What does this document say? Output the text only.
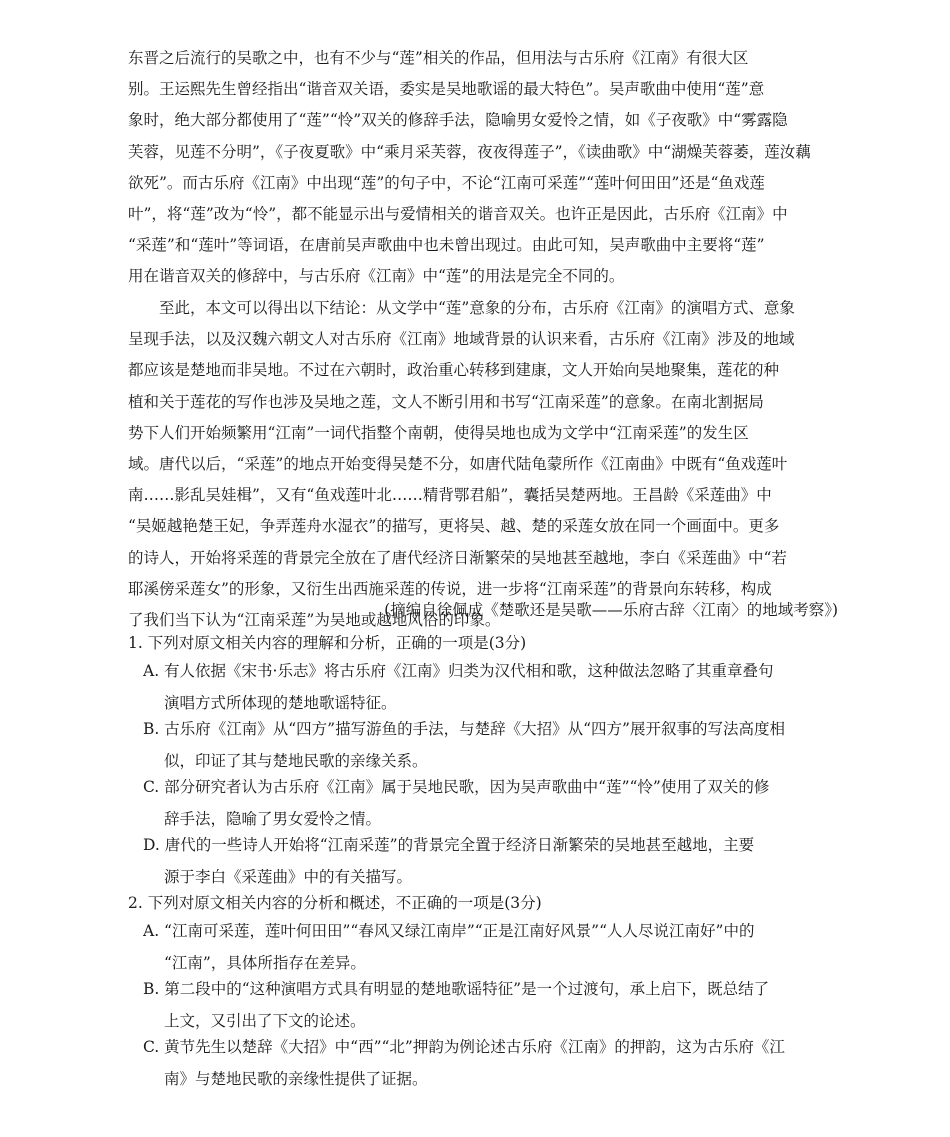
东晋之后流行的吴歌之中，也有不少与“莲”相关的作品，但用法与古乐府《江南》有很大区
别。王运熙先生曾经指出“谐音双关语，委实是吴地歌谣的最大特色”。吴声歌曲中使用“莲”意
象时，绝大部分都使用了“莲”“怜”双关的修辞手法，隐喻男女爱怜之情，如《子夜歌》中“雾露隐
芙蓉，见莲不分明”，《子夜夏歌》中“乘月采芙蓉，夜夜得莲子”，《读曲歌》中“湖燥芙蓉萎，莲汝藕
欲死”。而古乐府《江南》中出现“莲”的句子中，不论“江南可采莲”“莲叶何田田”还是“鱼戏莲
叶”，将“莲”改为“怜”，都不能显示出与爱情相关的谐音双关。也许正是因此，古乐府《江南》中
“采莲”和“莲叶”等词语，在唐前吴声歌曲中也未曾出现过。由此可知，吴声歌曲中主要将“莲”
用在谐音双关的修辞中，与古乐府《江南》中“莲”的用法是完全不同的。
至此，本文可以得出以下结论：从文学中“莲”意象的分布，古乐府《江南》的演唱方式、意象
呈现手法，以及汉魏六朝文人对古乐府《江南》地域背景的认识来看，古乐府《江南》涉及的地域
都应该是楚地而非吴地。不过在六朝时，政治重心转移到建康，文人开始向吴地聚集，莲花的种
植和关于莲花的写作也涉及吴地之莲，文人不断引用和书写“江南采莲”的意象。在南北割据局
势下人们开始频繁用“江南”一词代指整个南朝，使得吴地也成为文学中“江南采莲”的发生区
域。唐代以后，“采莲”的地点开始变得吴楚不分，如唐代陆龟蒙所作《江南曲》中既有“鱼戏莲叶
南……影乱吴娃楫”，又有“鱼戏莲叶北……精背鄂君船”，囊括吴楚两地。王昌龄《采莲曲》中
“吴姬越艳楚王妃，争弄莲舟水湿衣”的描写，更将吴、越、楚的采莲女放在同一个画面中。更多
的诗人，开始将采莲的背景完全放在了唐代经济日渐繁荣的吴地甚至越地，李白《采莲曲》中“若
耶溪傍采莲女”的形象，又衍生出西施采莲的传说，进一步将“江南采莲”的背景向东转移，构成
了我们当下认为“江南采莲”为吴地或越地风俗的印象。
(摘编自徐佩成《楚歌还是吴歌——乐府古辞〈江南〉的地域考察》)
1. 下列对原文相关内容的理解和分析，正确的一项是(3分)
A. 有人依据《宋书·乐志》将古乐府《江南》归类为汉代相和歌，这种做法忽略了其重章叠句
演唱方式所体现的楚地歌谣特征。
B. 古乐府《江南》从“四方”描写游鱼的手法，与楚辞《大招》从“四方”展开叙事的写法高度相
似，印证了其与楚地民歌的亲缘关系。
C. 部分研究者认为古乐府《江南》属于吴地民歌，因为吴声歌曲中“莲”“怜”使用了双关的修
辞手法，隐喻了男女爱怜之情。
D. 唐代的一些诗人开始将“江南采莲”的背景完全置于经济日渐繁荣的吴地甚至越地，主要
源于李白《采莲曲》中的有关描写。
2. 下列对原文相关内容的分析和概述，不正确的一项是(3分)
A. “江南可采莲，莲叶何田田”“春风又绿江南岸”“正是江南好风景”“人人尽说江南好”中的
“江南”，具体所指存在差异。
B. 第二段中的“这种演唱方式具有明显的楚地歌谣特征”是一个过渡句，承上启下，既总结了
上文，又引出了下文的论述。
C. 黄节先生以楚辞《大招》中“西”“北”押韵为例论述古乐府《江南》的押韵，这为古乐府《江
南》与楚地民歌的亲缘性提供了证据。
